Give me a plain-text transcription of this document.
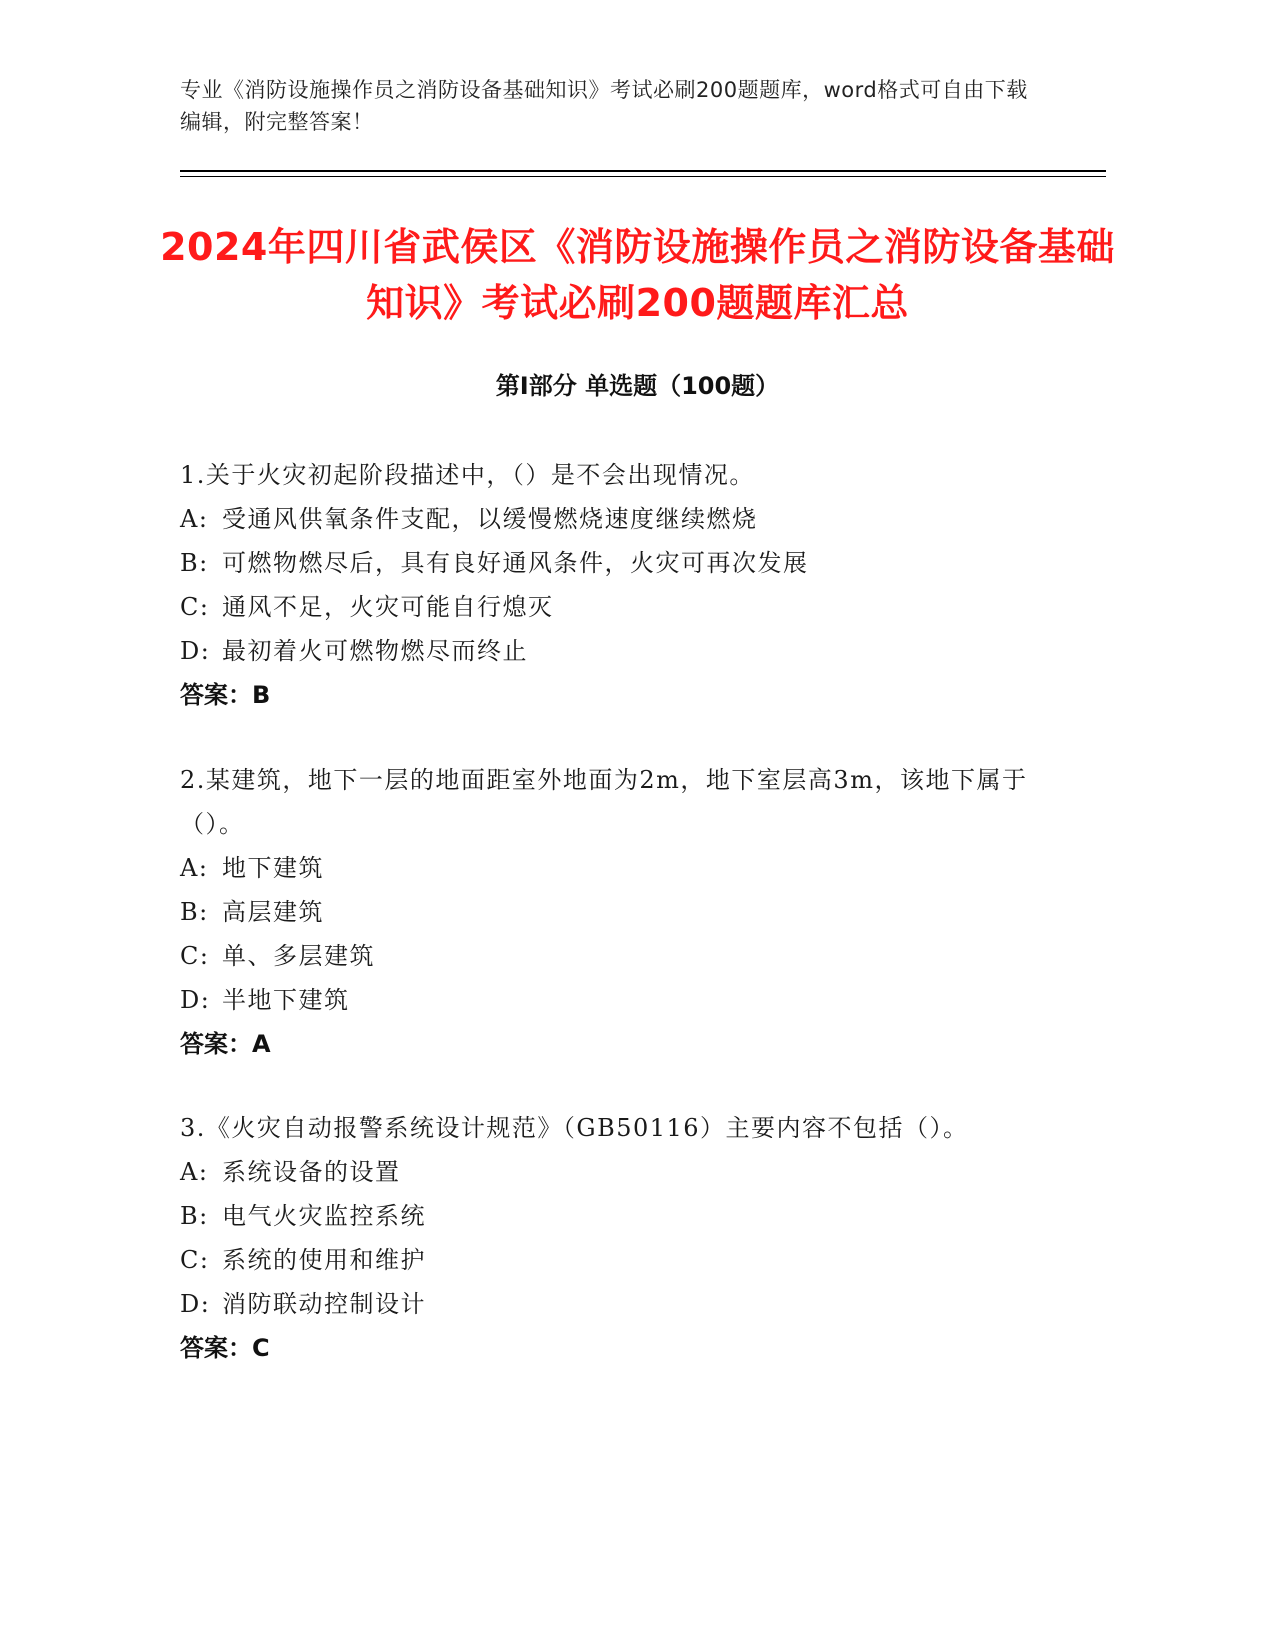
专业《消防设施操作员之消防设备基础知识》考试必刷200题题库，word格式可自由下载编辑，附完整答案！
2024年四川省武侯区《消防设施操作员之消防设备基础知识》考试必刷200题题库汇总
第I部分 单选题（100题）

1.关于火灾初起阶段描述中，（）是不会出现情况。

A: 受通风供氧条件支配，以缓慢燃烧速度继续燃烧

B: 可燃物燃尽后，具有良好通风条件，火灾可再次发展

C: 通风不足，火灾可能自行熄灭

D: 最初着火可燃物燃尽而终止

答案：B

2.某建筑，地下一层的地面距室外地面为2m，地下室层高3m，该地下属于（）。

A: 地下建筑

B: 高层建筑

C: 单、多层建筑

D: 半地下建筑

答案：A

3.《火灾自动报警系统设计规范》（GB50116）主要内容不包括（）。

A: 系统设备的设置

B: 电气火灾监控系统

C: 系统的使用和维护

D: 消防联动控制设计

答案：C
